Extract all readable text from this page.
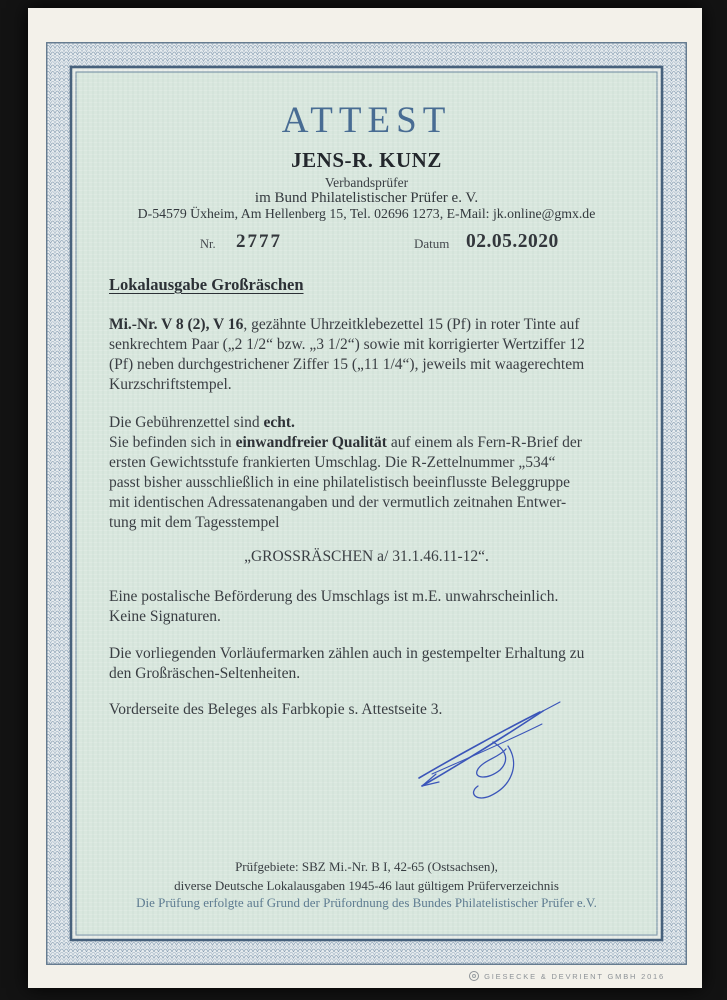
ATTEST
JENS-R. KUNZ
Verbandsprüfer
im Bund Philatelistischer Prüfer e. V.
D-54579 Üxheim, Am Hellenberg 15, Tel. 02696 1273, E-Mail: jk.online@gmx.de
Nr. 2777	Datum 02.05.2020
Lokalausgabe Großräschen
Mi.-Nr. V 8 (2), V 16, gezähnte Uhrzeitklebezettel 15 (Pf) in roter Tinte auf
senkrechtem Paar („2 1/2“ bzw. „3 1/2“) sowie mit korrigierter Wertziffer 12
(Pf) neben durchgestrichener Ziffer 15 („11 1/4“), jeweils mit waagerechtem
Kurzschriftstempel.
Die Gebührenzettel sind echt.
Sie befinden sich in einwandfreier Qualität auf einem als Fern-R-Brief der
ersten Gewichtsstufe frankierten Umschlag. Die R-Zettelnummer „534“
passt bisher ausschließlich in eine philatelistisch beeinflusste Beleggruppe
mit identischen Adressatenangaben und der vermutlich zeitnahen Entwer-
tung mit dem Tagesstempel
„GROSSRÄSCHEN a/ 31.1.46.11-12“.
Eine postalische Beförderung des Umschlags ist m.E. unwahrscheinlich.
Keine Signaturen.
Die vorliegenden Vorläufermarken zählen auch in gestempelter Erhaltung zu
den Großräschen-Seltenheiten.
Vorderseite des Beleges als Farbkopie s. Attestseite 3.
Prüfgebiete: SBZ Mi.-Nr. B I, 42-65 (Ostsachsen),
diverse Deutsche Lokalausgaben 1945-46 laut gültigem Prüferverzeichnis
Die Prüfung erfolgte auf Grund der Prüfordnung des Bundes Philatelistischer Prüfer e.V.
GIESECKE & DEVRIENT GMBH 2016
